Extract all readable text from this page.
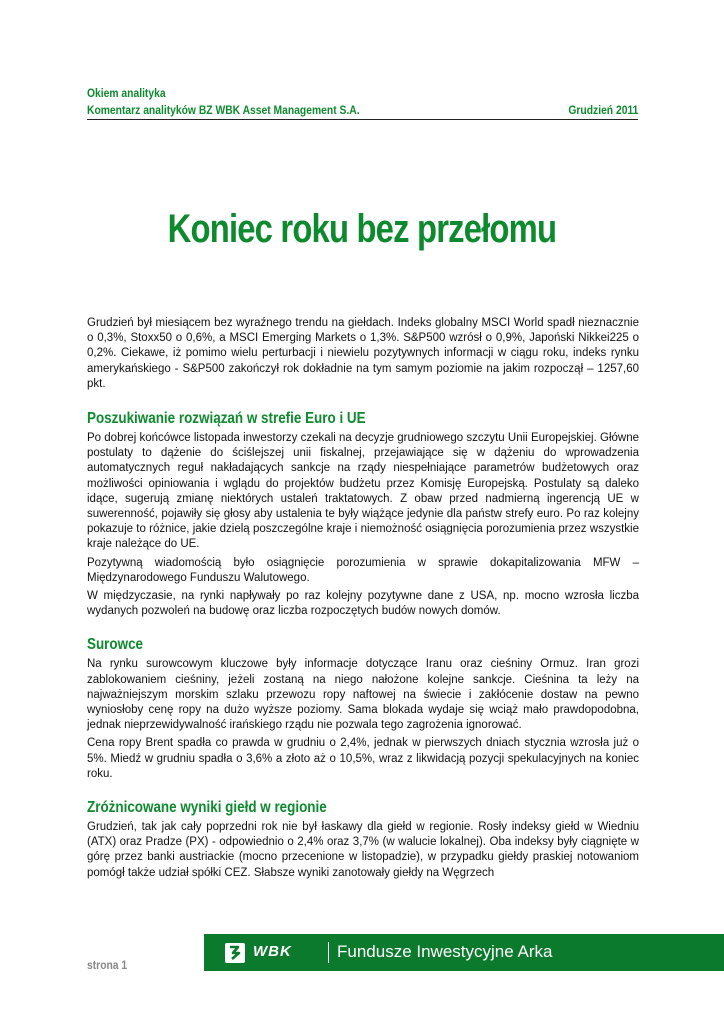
Okiem analityka
Komentarz analityków BZ WBK Asset Management S.A.	Grudzień 2011
Koniec roku bez przełomu

Grudzień był miesiącem bez wyraźnego trendu na giełdach. Indeks globalny MSCI World spadł nieznacznie o 0,3%, Stoxx50 o 0,6%, a MSCI Emerging Markets o 1,3%. S&P500 wzrósł o 0,9%, Japoński Nikkei225 o 0,2%. Ciekawe, iż pomimo wielu perturbacji i niewielu pozytywnych informacji w ciągu roku, indeks rynku amerykańskiego - S&P500 zakończył rok dokładnie na tym samym poziomie na jakim rozpoczął – 1257,60 pkt.

Poszukiwanie rozwiązań w strefie Euro i UE

Po dobrej końcówce listopada inwestorzy czekali na decyzje grudniowego szczytu Unii Europejskiej. Główne postulaty to dążenie do ściślejszej unii fiskalnej, przejawiające się w dążeniu do wprowadzenia automatycznych reguł nakładających sankcje na rządy niespełniające parametrów budżetowych oraz możliwości opiniowania i wglądu do projektów budżetu przez Komisję Europejską. Postulaty są daleko idące, sugerują zmianę niektórych ustaleń traktatowych. Z obaw przed nadmierną ingerencją UE w suwerenność, pojawiły się głosy aby ustalenia te były wiążące jedynie dla państw strefy euro. Po raz kolejny pokazuje to różnice, jakie dzielą poszczególne kraje i niemożność osiągnięcia porozumienia przez wszystkie kraje należące do UE.

Pozytywną wiadomością było osiągnięcie porozumienia w sprawie dokapitalizowania MFW – Międzynarodowego Funduszu Walutowego.

W międzyczasie, na rynki napływały po raz kolejny pozytywne dane z USA, np. mocno wzrosła liczba wydanych pozwoleń na budowę oraz liczba rozpoczętych budów nowych domów.

Surowce

Na rynku surowcowym kluczowe były informacje dotyczące Iranu oraz cieśniny Ormuz. Iran grozi zablokowaniem cieśniny, jeżeli zostaną na niego nałożone kolejne sankcje. Cieśnina ta leży na najważniejszym morskim szlaku przewozu ropy naftowej na świecie i zakłócenie dostaw na pewno wyniosłoby cenę ropy na dużo wyższe poziomy. Sama blokada wydaje się wciąż mało prawdopodobna, jednak nieprzewidywalność irańskiego rządu nie pozwala tego zagrożenia ignorować.

Cena ropy Brent spadła co prawda w grudniu o 2,4%, jednak w pierwszych dniach stycznia wzrosła już o 5%. Miedź w grudniu spadła o 3,6% a złoto aż o 10,5%, wraz z likwidacją pozycji spekulacyjnych na koniec roku.

Zróżnicowane wyniki giełd w regionie

Grudzień, tak jak cały poprzedni rok nie był łaskawy dla giełd w regionie. Rosły indeksy giełd w Wiedniu (ATX) oraz Pradze (PX) - odpowiednio o 2,4% oraz 3,7% (w walucie lokalnej). Oba indeksy były ciągnięte w górę przez banki austriackie (mocno przecenione w listopadzie), w przypadku giełdy praskiej notowaniom pomógł także udział spółki CEZ. Słabsze wyniki zanotowały giełdy na Węgrzech

strona 1
WBK	Fundusze Inwestycyjne Arka
